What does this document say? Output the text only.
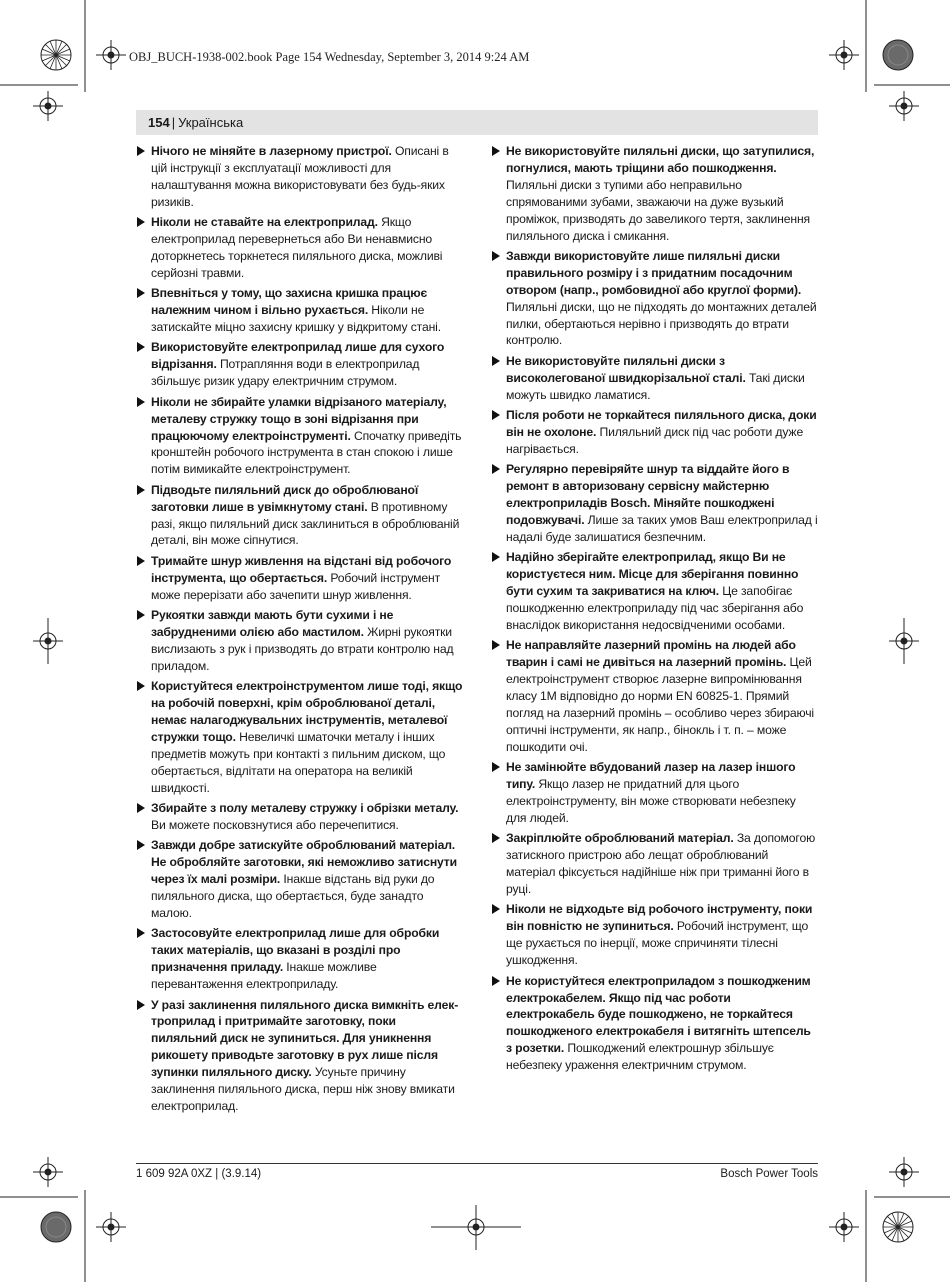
OBJ_BUCH-1938-002.book Page 154 Wednesday, September 3, 2014 9:24 AM
154 | Українська
Нічого не міняйте в лазерному пристрої. Описані в цій інструкції з експлуатації можливості для налаштування можна використовувати без будь-яких ризиків.
Ніколи не ставайте на електроприлад. Якщо електроприлад перевернеться або Ви ненавмисно доторкнетесь торкнетеся пиляльного диска, можливі серйозні травми.
Впевніться у тому, що захисна кришка працює належним чином і вільно рухається. Ніколи не затискайте міцно захисну кришку у відкритому стані.
Використовуйте електроприлад лише для сухого відрізання. Потрапляння води в електроприлад збільшує ризик удару електричним струмом.
Ніколи не збирайте уламки відрізаного матеріалу, металеву стружку тощо в зоні відрізання при працюючому електроінструменті. Спочатку приведіть кронштейн робочого інструмента в стан спокою і лише потім вимикайте електроінструмент.
Підводьте пиляльний диск до оброблюваної заготовки лише в увімкнутому стані. В противному разі, якщо пиляльний диск заклиниться в оброблюваній деталі, він може сіпнутися.
Тримайте шнур живлення на відстані від робочого інструмента, що обертається. Робочий інструмент може перерізати або зачепити шнур живлення.
Рукоятки завжди мають бути сухими і не забрудненими олією або мастилом. Жирні рукоятки вислизають з рук і призводять до втрати контролю над приладом.
Користуйтеся електроінструментом лише тоді, якщо на робочій поверхні, крім оброблюваної деталі, немає налагоджувальних інструментів, металевої стружки тощо. Невеличкі шматочки металу і інших предметів можуть при контакті з пильним диском, що обертається, відлітати на оператора на великій швидкості.
Збирайте з полу металеву стружку і обрізки металу. Ви можете посковзнутися або перечепитися.
Завжди добре затискуйте оброблюваний матеріал. Не обробляйте заготовки, які неможливо затиснути через їх малі розміри. Інакше відстань від руки до пиляльного диска, що обертається, буде занадто малою.
Застосовуйте електроприлад лише для обробки таких матеріалів, що вказані в розділі про призначення приладу. Інакше можливе перевантаження електроприладу.
У разі заклинення пиляльного диска вимкніть електроприлад і притримайте заготовку, поки пиляльний диск не зупиниться. Для уникнення рикошету приводьте заготовку в рух лише після зупинки пиляльного диску. Усуньте причину заклинення пиляльного диска, перш ніж знову вмикати електроприлад.
Не використовуйте пиляльні диски, що затупилися, погнулися, мають тріщини або пошкодження. Пиляльні диски з тупими або неправильно спрямованими зубами, зважаючи на дуже вузький проміжок, призводять до завеликого тертя, заклинення пиляльного диска і смикання.
Завжди використовуйте лише пиляльні диски правильного розміру і з придатним посадочним отвором (напр., ромбовидної або круглої форми). Пиляльні диски, що не підходять до монтажних деталей пилки, обертаються нерівно і призводять до втрати контролю.
Не використовуйте пиляльні диски з високолегованої швидкорізальної сталі. Такі диски можуть швидко ламатися.
Після роботи не торкайтеся пиляльного диска, доки він не охолоне. Пиляльний диск під час роботи дуже нагрівається.
Регулярно перевіряйте шнур та віддайте його в ремонт в авторизовану сервісну майстерню електроприладів Bosch. Міняйте пошкоджені подовжувачі. Лише за таких умов Ваш електроприлад і надалі буде залишатися безпечним.
Надійно зберігайте електроприлад, якщо Ви не користуєтеся ним. Місце для зберігання повинно бути сухим та закриватися на ключ. Це запобігає пошкодженню електроприладу під час зберігання або внаслідок використання недосвідченими особами.
Не направляйте лазерний промінь на людей або тварин і самі не дивіться на лазерний промінь. Цей електроінструмент створює лазерне випромінювання класу 1M відповідно до норми EN 60825-1. Прямий погляд на лазерний промінь – особливо через збираючі оптичні інструменти, як напр., бінокль і т. п. – може пошкодити очі.
Не замінюйте вбудований лазер на лазер іншого типу. Якщо лазер не придатний для цього електроінструменту, він може створювати небезпеку для людей.
Закріплюйте оброблюваний матеріал. За допомогою затискного пристрою або лещат оброблюваний матеріал фіксується надійніше ніж при триманні його в руці.
Ніколи не відходьте від робочого інструменту, поки він повністю не зупиниться. Робочий інструмент, що ще рухається по інерції, може спричиняти тілесні ушкодження.
Не користуйтеся електроприладом з пошкодженим електрокабелем. Якщо під час роботи електрокабель буде пошкоджено, не торкайтеся пошкодженого електрокабеля і витягніть штепсель з розетки. Пошкоджений електрошнур збільшує небезпеку ураження електричним струмом.
1 609 92A 0XZ | (3.9.14)	Bosch Power Tools
